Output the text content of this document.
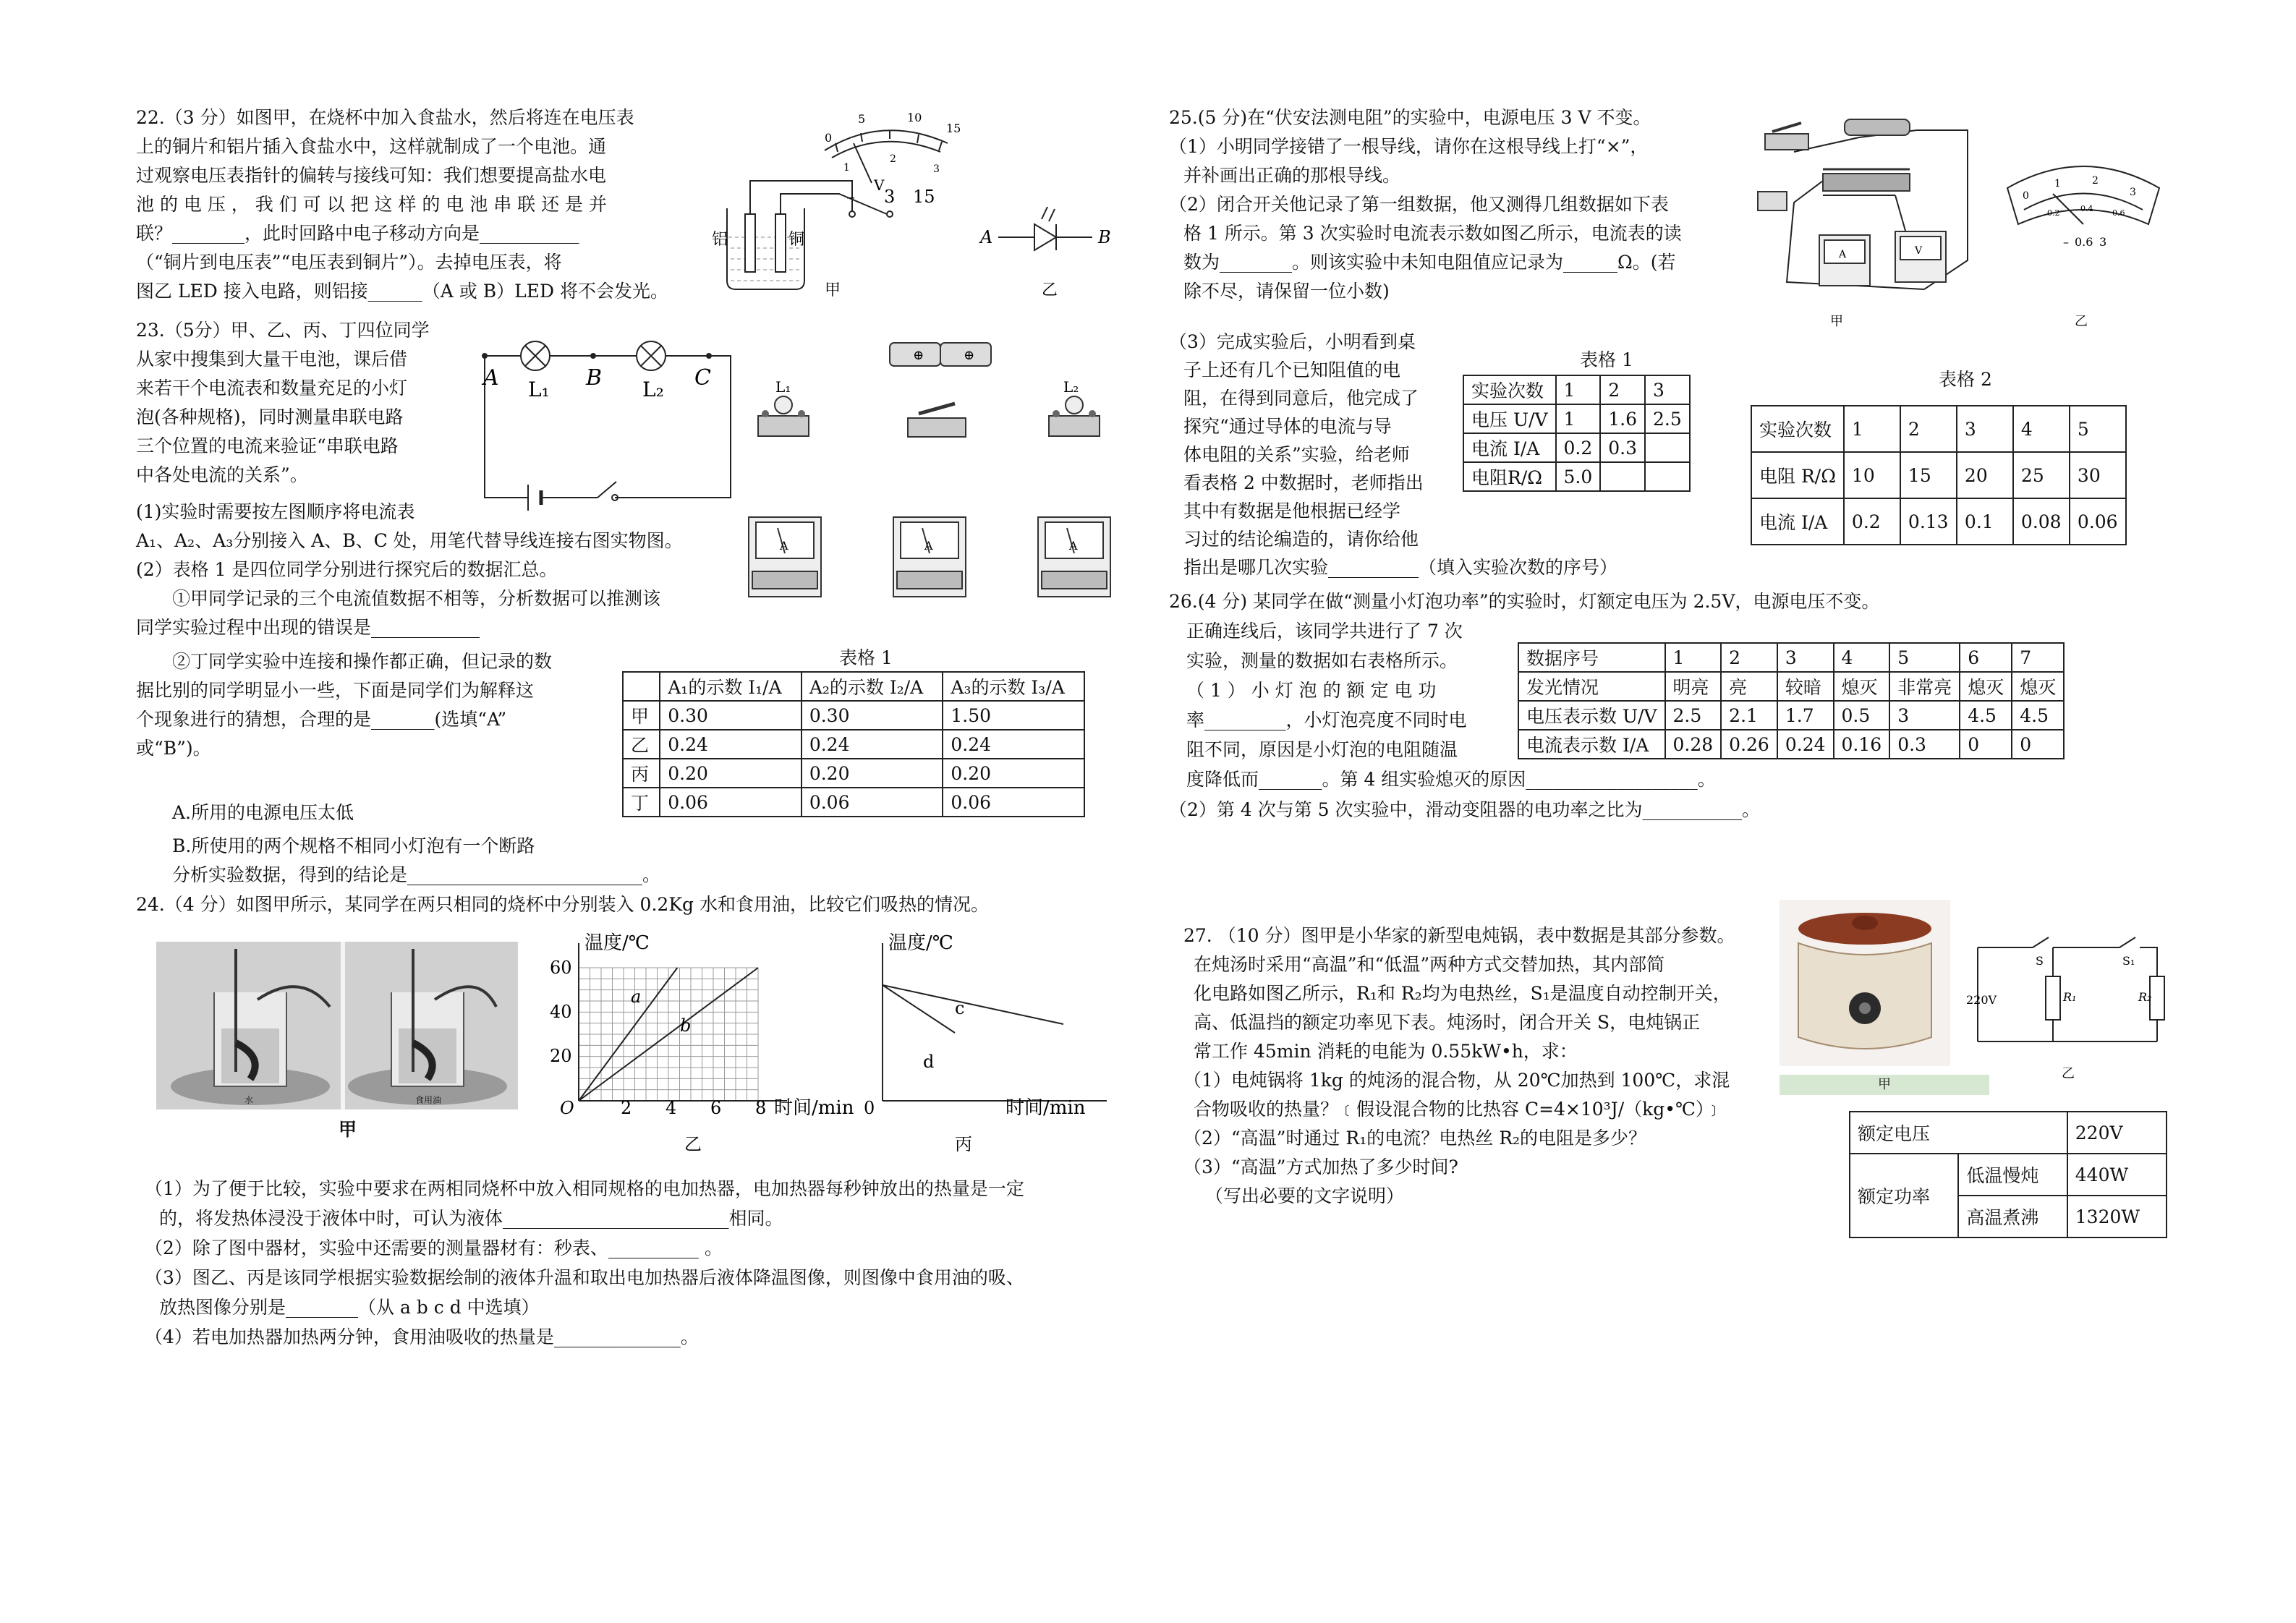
22.（3 分）如图甲，在烧杯中加入食盐水，然后将连在电压表
上的铜片和铝片插入食盐水中，这样就制成了一个电池。通
过观察电压表指针的偏转与接线可知：我们想要提高盐水电
池 的 电 压 ， 我 们 可 以 把 这 样 的 电 池 串 联 还 是 并
联？________，此时回路中电子移动方向是___________
（“铜片到电压表”“电压表到铜片”）。去掉电压表，将
图乙 LED 接入电路，则铝接______（A 或 B）LED 将不会发光。
0
5	10
15
1
2
3
V
– 3 15
铝	铜
甲
A	B
乙
23.（5分）甲、乙、丙、丁四位同学
从家中搜集到大量干电池，课后借
来若干个电流表和数量充足的小灯
泡(各种规格)，同时测量串联电路
三个位置的电流来验证“串联电路
中各处电流的关系”。
(1)实验时需要按左图顺序将电流表
A₁、A₂、A₃分别接入 A、B、C 处，用笔代替导线连接右图实物图。
(2）表格 1 是四位同学分别进行探究后的数据汇总。
①甲同学记录的三个电流值数据不相等，分析数据可以推测该
同学实验过程中出现的错误是____________
②丁同学实验中连接和操作都正确，但记录的数
据比别的同学明显小一些，下面是同学们为解释这
个现象进行的猜想，合理的是_______(选填“A”
或“B”)。
A.所用的电源电压太低
B.所使用的两个规格不相同小灯泡有一个断路
分析实验数据，得到的结论是__________________________。
A L₁ B L₂ C
⊕	⊕
L₁	L₂
A	A	A
表格 1
	A₁的示数 I₁/A	A₂的示数 I₂/A	A₃的示数 I₃/A
甲	0.30	0.30	1.50
乙	0.24	0.24	0.24
丙	0.20	0.20	0.20
丁	0.06	0.06	0.06
24.（4 分）如图甲所示，某同学在两只相同的烧杯中分别装入 0.2Kg 水和食用油，比较它们吸热的情况。
水	食用油
甲
温度/℃
时间/min
O
60
40
20
2 4 6 8
a
b
乙
温度/℃
时间/min
0
c
d
丙
（1）为了便于比较，实验中要求在两相同烧杯中放入相同规格的电加热器，电加热器每秒钟放出的热量是一定
的，将发热体浸没于液体中时，可认为液体_________________________相同。
（2）除了图中器材，实验中还需要的测量器材有：秒表、__________ 。
（3）图乙、丙是该同学根据实验数据绘制的液体升温和取出电加热器后液体降温图像，则图像中食用油的吸、
放热图像分别是________（从 a b c d 中选填）
（4）若电加热器加热两分钟，食用油吸收的热量是______________。
25.(5 分)在“伏安法测电阻”的实验中，电源电压 3 V 不变。
（1）小明同学接错了一根导线，请你在这根导线上打“×”，
并补画出正确的那根导线。
（2）闭合开关他记录了第一组数据，他又测得几组数据如下表
格 1 所示。第 3 次实验时电流表示数如图乙所示，电流表的读
数为________。则该实验中未知电阻值应记录为______Ω。(若
除不尽，请保留一位小数)
A	V
甲
0
1	2
3
0.2	0.4 0.6
– 0.6 3
乙
（3）完成实验后，小明看到桌
子上还有几个已知阻值的电
阻，在得到同意后，他完成了
探究“通过导体的电流与导
体电阻的关系”实验，给老师
看表格 2 中数据时，老师指出
其中有数据是他根据已经学
习过的结论编造的，请你给他
指出是哪几次实验__________（填入实验次数的序号）
表格 1
实验次数	1	2	3
电压 U/V	1	1.6	2.5
电流 I/A	0.2	0.3	
电阻R/Ω	5.0		
表格 2
实验次数	1	2	3	4	5
电阻 R/Ω	10	15	20	25	30
电流 I/A	0.2	0.13	0.1	0.08	0.06
26.(4 分) 某同学在做“测量小灯泡功率”的实验时，灯额定电压为 2.5V，电源电压不变。
正确连线后，该同学共进行了 7 次
实验，测量的数据如右表格所示。
（ 1 ） 小 灯 泡 的 额 定 电 功
率_________，小灯泡亮度不同时电
阻不同，原因是小灯泡的电阻随温
度降低而_______。第 4 组实验熄灭的原因___________________。
（2）第 4 次与第 5 次实验中，滑动变阻器的电功率之比为___________。
数据序号	1	2	3	4	5	6	7
发光情况	明亮	亮	较暗	熄灭	非常亮	熄灭	熄灭
电压表示数 U/V	2.5	2.1	1.7	0.5	3	4.5	4.5
电流表示数 I/A	0.28	0.26	0.24	0.16	0.3	0	0
27. （10 分）图甲是小华家的新型电炖锅，表中数据是其部分参数。
在炖汤时采用“高温”和“低温”两种方式交替加热，其内部简
化电路如图乙所示，R₁和 R₂均为电热丝，S₁是温度自动控制开关，
高、低温挡的额定功率见下表。炖汤时，闭合开关 S，电炖锅正
常工作 45min 消耗的电能为 0.55kW•h，求：
（1）电炖锅将 1kg 的炖汤的混合物，从 20℃加热到 100℃，求混
合物吸收的热量？﹝假设混合物的比热容 C=4×10³J/（kg•℃）﹞
（2）“高温”时通过 R₁的电流？电热丝 R₂的电阻是多少？
（3）“高温”方式加热了多少时间?
（写出必要的文字说明）
甲
S	S₁
R₁	R₂
220V
乙
额定电压		220V
额定功率	低温慢炖	440W
	高温煮沸	1320W
